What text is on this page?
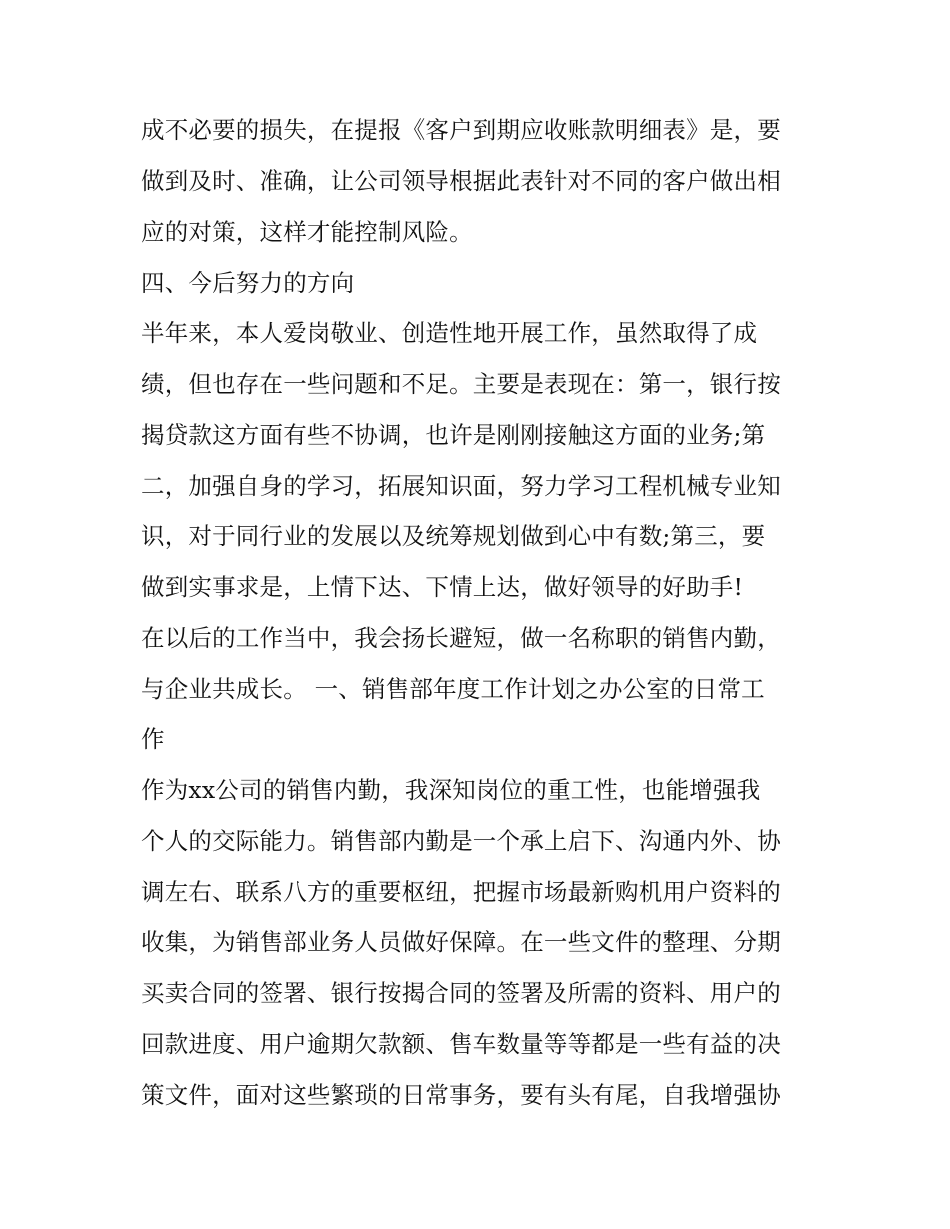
成不必要的损失，在提报《客户到期应收账款明细表》是，要
做到及时、准确，让公司领导根据此表针对不同的客户做出相
应的对策，这样才能控制风险。
四、今后努力的方向
半年来，本人爱岗敬业、创造性地开展工作，虽然取得了成
绩，但也存在一些问题和不足。主要是表现在：第一，银行按
揭贷款这方面有些不协调，也许是刚刚接触这方面的业务;第
二，加强自身的学习，拓展知识面，努力学习工程机械专业知
识，对于同行业的发展以及统筹规划做到心中有数;第三，要
做到实事求是，上情下达、下情上达，做好领导的好助手!
在以后的工作当中，我会扬长避短，做一名称职的销售内勤，
与企业共成长。 一、销售部年度工作计划之办公室的日常工
作
作为xx公司的销售内勤，我深知岗位的重工性，也能增强我
个人的交际能力。销售部内勤是一个承上启下、沟通内外、协
调左右、联系八方的重要枢纽，把握市场最新购机用户资料的
收集，为销售部业务人员做好保障。在一些文件的整理、分期
买卖合同的签署、银行按揭合同的签署及所需的资料、用户的
回款进度、用户逾期欠款额、售车数量等等都是一些有益的决
策文件，面对这些繁琐的日常事务，要有头有尾，自我增强协
